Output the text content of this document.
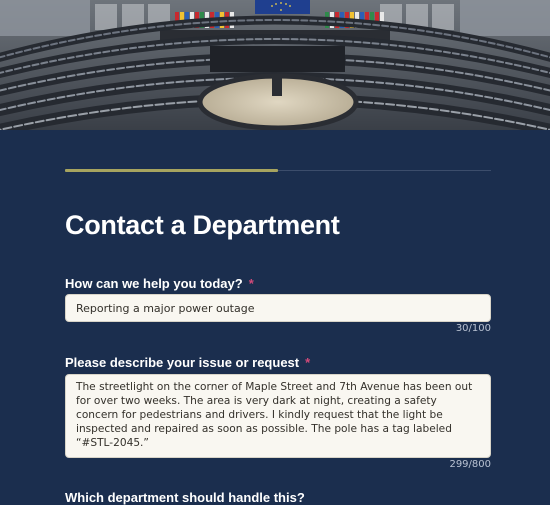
Contact a Department
How can we help you today? *
Reporting a major power outage
30/100
Please describe your issue or request *
The streetlight on the corner of Maple Street and 7th Avenue has been out for over two weeks. The area is very dark at night, creating a safety concern for pedestrians and drivers. I kindly request that the light be inspected and repaired as soon as possible. The pole has a tag labeled “#STL-2045.”
299/800
Which department should handle this?
